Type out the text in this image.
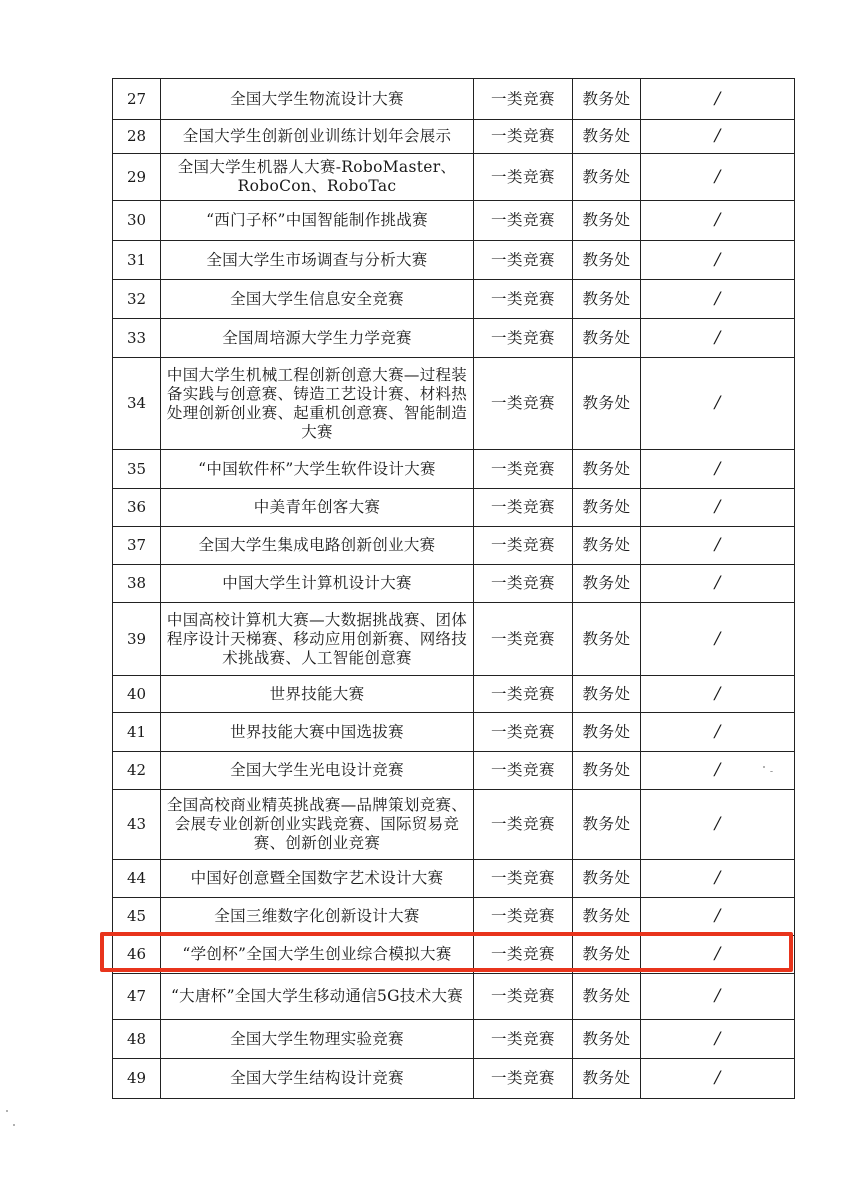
27	全国大学生物流设计大赛	一类竞赛	教务处	/
28	全国大学生创新创业训练计划年会展示	一类竞赛	教务处	/
29	全国大学生机器人大赛-RoboMaster、RoboCon、RoboTac	一类竞赛	教务处	/
30	“西门子杯”中国智能制作挑战赛	一类竞赛	教务处	/
31	全国大学生市场调查与分析大赛	一类竞赛	教务处	/
32	全国大学生信息安全竞赛	一类竞赛	教务处	/
33	全国周培源大学生力学竞赛	一类竞赛	教务处	/
34	中国大学生机械工程创新创意大赛—过程装备实践与创意赛、铸造工艺设计赛、材料热处理创新创业赛、起重机创意赛、智能制造大赛	一类竞赛	教务处	/
35	“中国软件杯”大学生软件设计大赛	一类竞赛	教务处	/
36	中美青年创客大赛	一类竞赛	教务处	/
37	全国大学生集成电路创新创业大赛	一类竞赛	教务处	/
38	中国大学生计算机设计大赛	一类竞赛	教务处	/
39	中国高校计算机大赛—大数据挑战赛、团体程序设计天梯赛、移动应用创新赛、网络技术挑战赛、人工智能创意赛	一类竞赛	教务处	/
40	世界技能大赛	一类竞赛	教务处	/
41	世界技能大赛中国选拔赛	一类竞赛	教务处	/
42	全国大学生光电设计竞赛	一类竞赛	教务处	/
43	全国高校商业精英挑战赛—品牌策划竞赛、会展专业创新创业实践竞赛、国际贸易竞赛、创新创业竞赛	一类竞赛	教务处	/
44	中国好创意暨全国数字艺术设计大赛	一类竞赛	教务处	/
45	全国三维数字化创新设计大赛	一类竞赛	教务处	/
46	“学创杯”全国大学生创业综合模拟大赛	一类竞赛	教务处	/
47	“大唐杯”全国大学生移动通信5G技术大赛	一类竞赛	教务处	/
48	全国大学生物理实验竞赛	一类竞赛	教务处	/
49	全国大学生结构设计竞赛	一类竞赛	教务处	/
